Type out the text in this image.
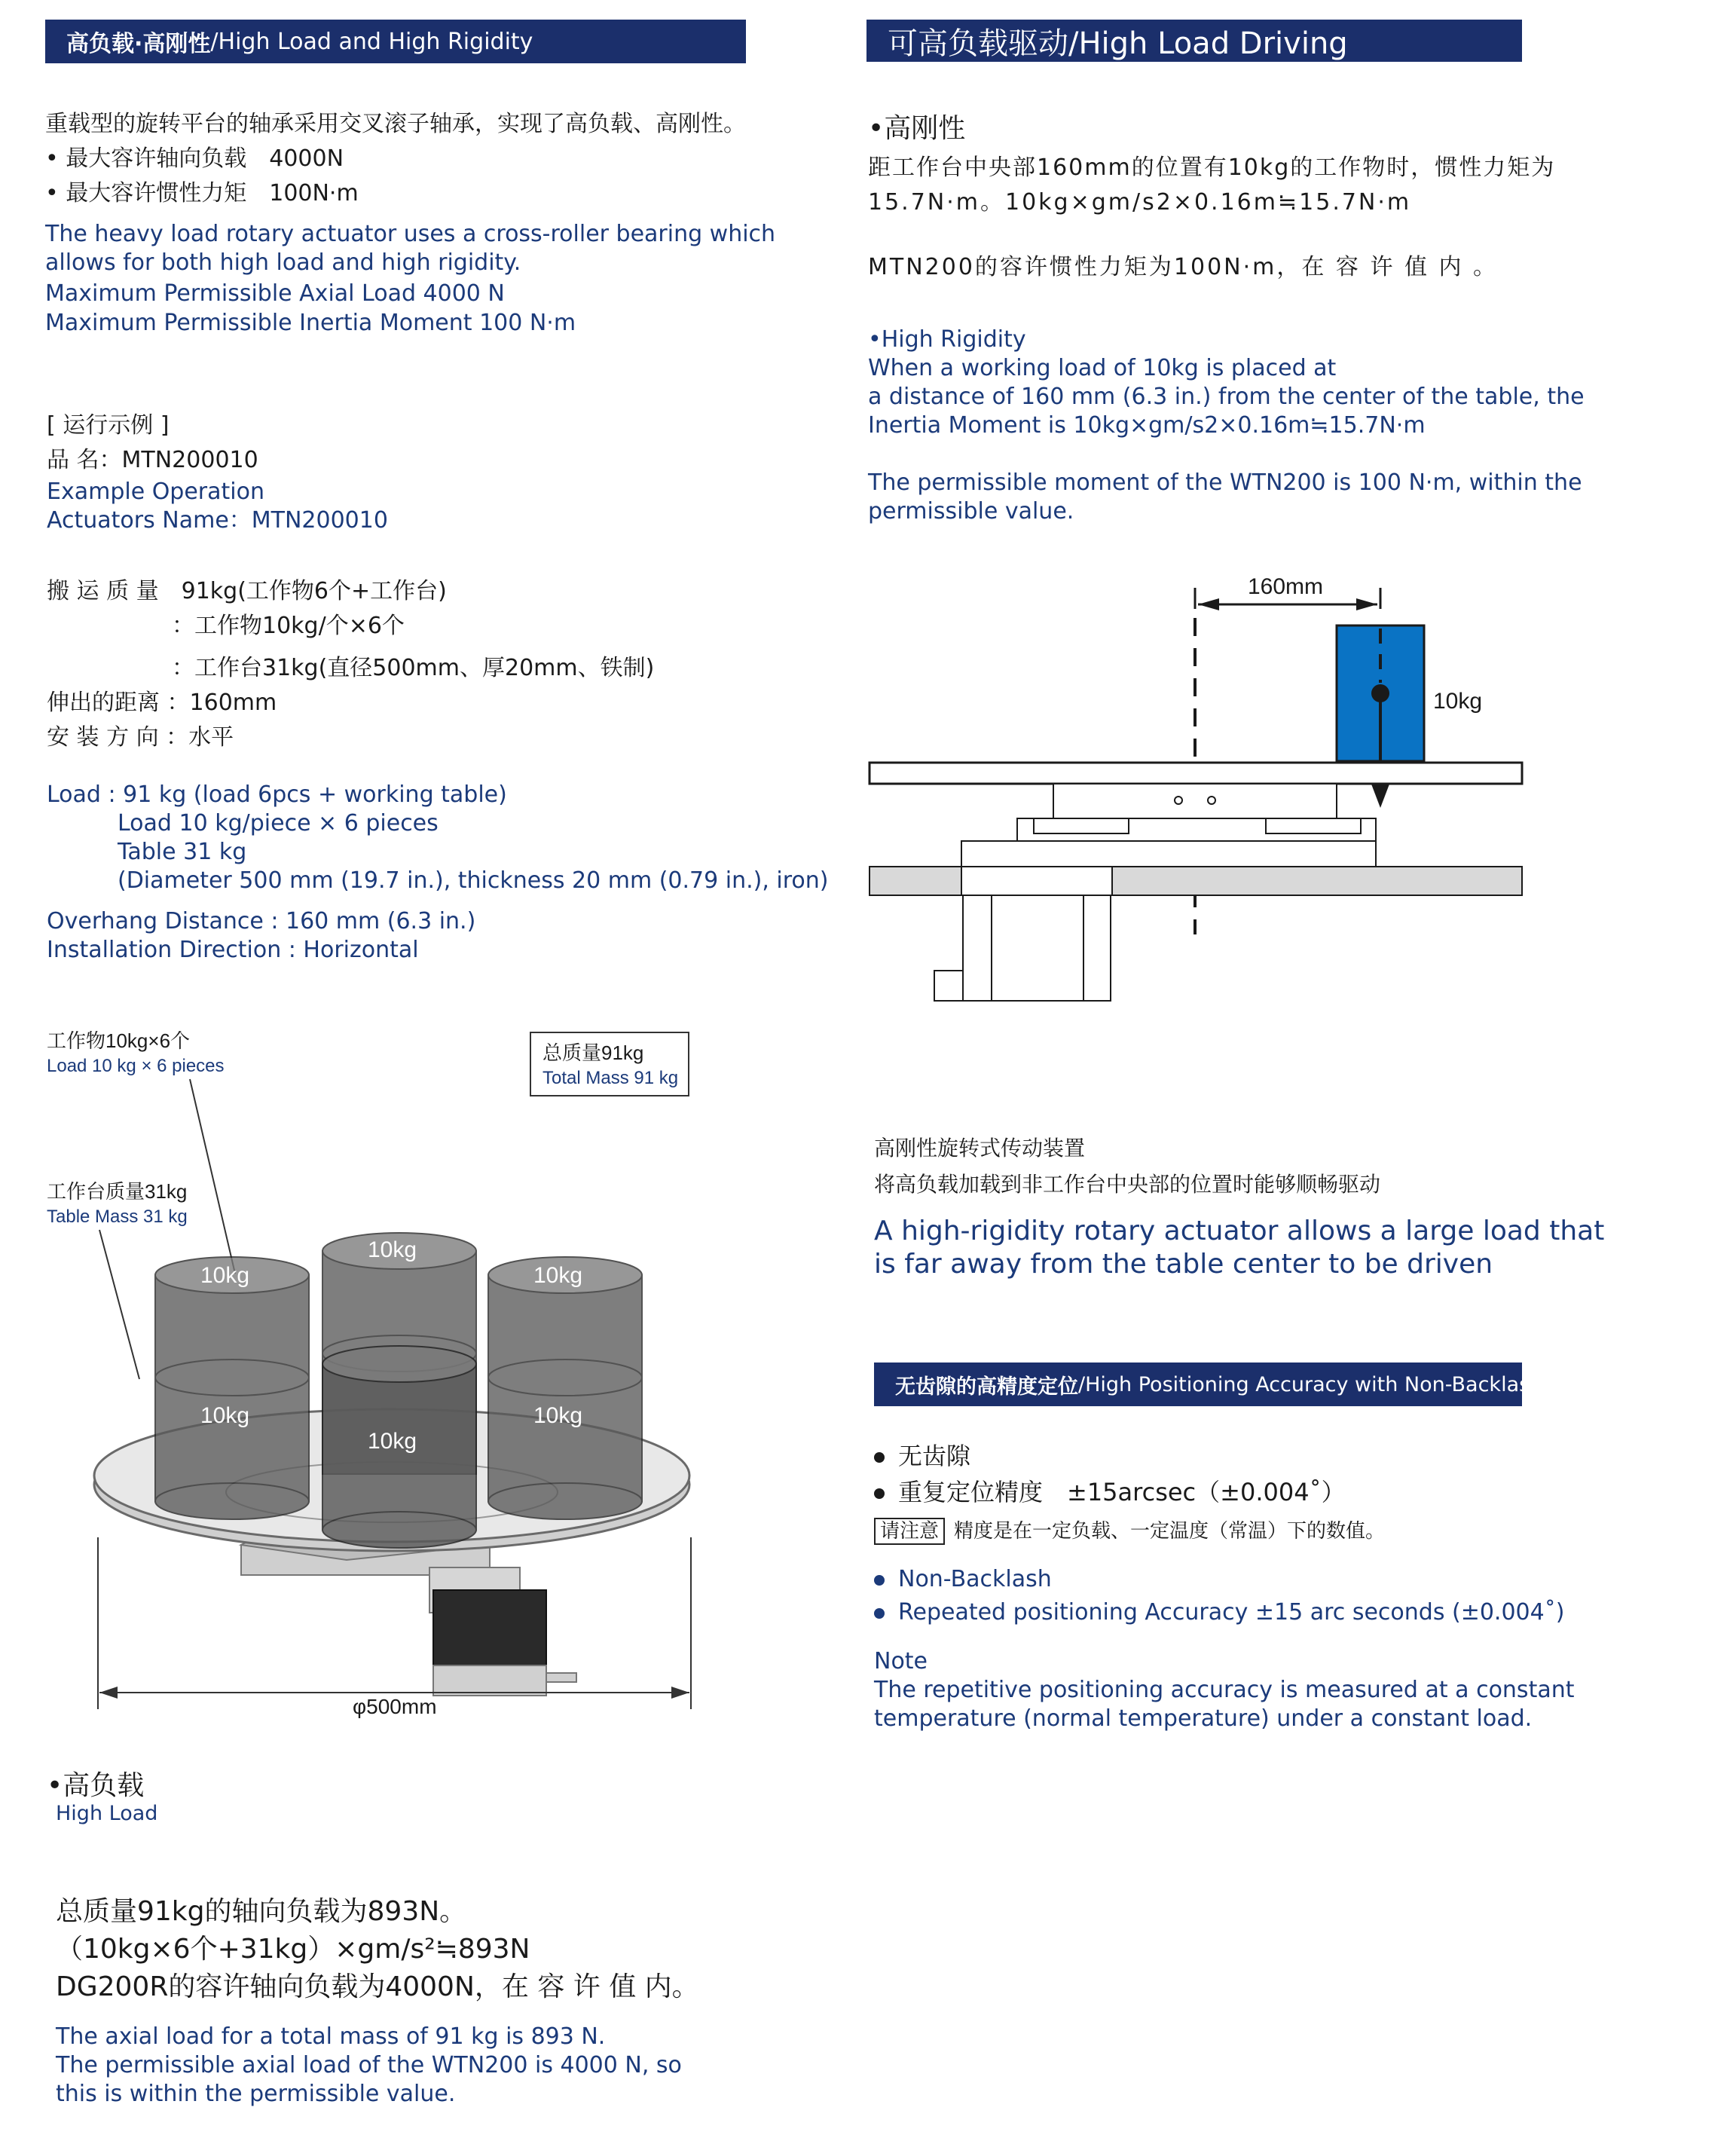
高负载·高刚性 /High Load and High Rigidity
重载型的旋转平台的轴承采用交叉滚子轴承，实现了高负载、高刚性。
• 最大容许轴向负载　4000N
• 最大容许惯性力矩　100N·m
The heavy load rotary actuator uses a cross-roller bearing which
allows for both high load and high rigidity.
Maximum Permissible Axial Load 4000 N
Maximum Permissible Inertia Moment 100 N·m
[ 运行示例 ]
品 名：MTN200010
Example Operation
Actuators Name：MTN200010
搬 运 质 量　91kg(工作物6个+工作台)
：工作物10kg/个×6个
：工作台31kg(直径500mm、厚20mm、铁制)
伸出的距离 ：160mm
安 装 方 向 ：水平
Load : 91 kg (load 6pcs + working table)
Load 10 kg/piece × 6 pieces
Table 31 kg
(Diameter 500 mm (19.7 in.), thickness 20 mm (0.79 in.), iron)
Overhang Distance : 160 mm (6.3 in.)
Installation Direction : Horizontal
工作物10kg×6个
Load 10 kg × 6 pieces
总质量91kg
Total Mass 91 kg
工作台质量31kg
Table Mass 31 kg
10kg
10kg	10kg
10kg	10kg
10kg
φ500mm
•高负载
High Load
总质量91kg的轴向负载为893N。
（10kg×6个+31kg）×gm/s²≒893N
DG200R的容许轴向负载为4000N，在 容 许 值 内。
The axial load for a total mass of 91 kg is 893 N.
The permissible axial load of the WTN200 is 4000 N, so
this is within the permissible value.
可高负载驱动/High Load Driving
•高刚性
距工作台中央部160mm的位置有10kg的工作物时，惯性力矩为
15.7N·m。10kg×gm/s2×0.16m≒15.7N·m
MTN200的容许惯性力矩为100N·m，在 容 许 值 内 。
•High Rigidity
When a working load of 10kg is placed at
a distance of 160 mm (6.3 in.) from the center of the table, the
Inertia Moment is 10kg×gm/s2×0.16m≒15.7N·m
The permissible moment of the WTN200 is 100 N·m, within the
permissible value.
160mm
10kg
高刚性旋转式传动装置
将高负载加载到非工作台中央部的位置时能够顺畅驱动
A high-rigidity rotary actuator allows a large load that
is far away from the table center to be driven
无齿隙的高精度定位 /High Positioning Accuracy with Non-Backlash
无齿隙
重复定位精度　±15arcsec（±0.004˚）
请注意 精度是在一定负载、一定温度（常温）下的数值。
Non-Backlash
Repeated positioning Accuracy ±15 arc seconds (±0.004˚)
Note
The repetitive positioning accuracy is measured at a constant
temperature (normal temperature) under a constant load.
